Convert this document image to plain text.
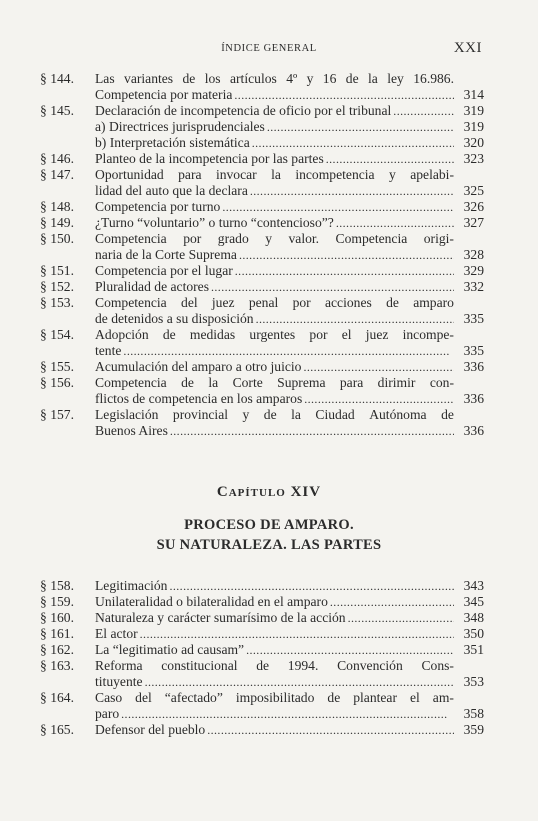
ÍNDICE GENERAL	XXI
§ 144.	Las variantes de los artículos 4º y 16 de la ley 16.986.
Competencia por materia . . .	314
§ 145.	Declaración de incompetencia de oficio por el tribunal . . .	319
a) Directrices jurisprudenciales . . .	319
b) Interpretación sistemática . . .	320
§ 146.	Planteo de la incompetencia por las partes . . .	323
§ 147.	Oportunidad para invocar la incompetencia y apelabi-
lidad del auto que la declara . . .	325
§ 148.	Competencia por turno . . .	326
§ 149.	¿Turno “voluntario” o turno “contencioso”? . . .	327
§ 150.	Competencia por grado y valor. Competencia origi-
naria de la Corte Suprema . . .	328
§ 151.	Competencia por el lugar . . .	329
§ 152.	Pluralidad de actores . . .	332
§ 153.	Competencia del juez penal por acciones de amparo
de detenidos a su disposición . . .	335
§ 154.	Adopción de medidas urgentes por el juez incompe-
tente . . .	335
§ 155.	Acumulación del amparo a otro juicio . . .	336
§ 156.	Competencia de la Corte Suprema para dirimir con-
flictos de competencia en los amparos . . .	336
§ 157.	Legislación provincial y de la Ciudad Autónoma de
Buenos Aires . . .	336
Capítulo XIV
PROCESO DE AMPARO.
SU NATURALEZA. LAS PARTES
§ 158.	Legitimación . . .	343
§ 159.	Unilateralidad o bilateralidad en el amparo . . .	345
§ 160.	Naturaleza y carácter sumarísimo de la acción . . .	348
§ 161.	El actor . . .	350
§ 162.	La “legitimatio ad causam” . . .	351
§ 163.	Reforma constitucional de 1994. Convención Cons-
tituyente . . .	353
§ 164.	Caso del “afectado” imposibilitado de plantear el am-
paro . . .	358
§ 165.	Defensor del pueblo . . .	359
